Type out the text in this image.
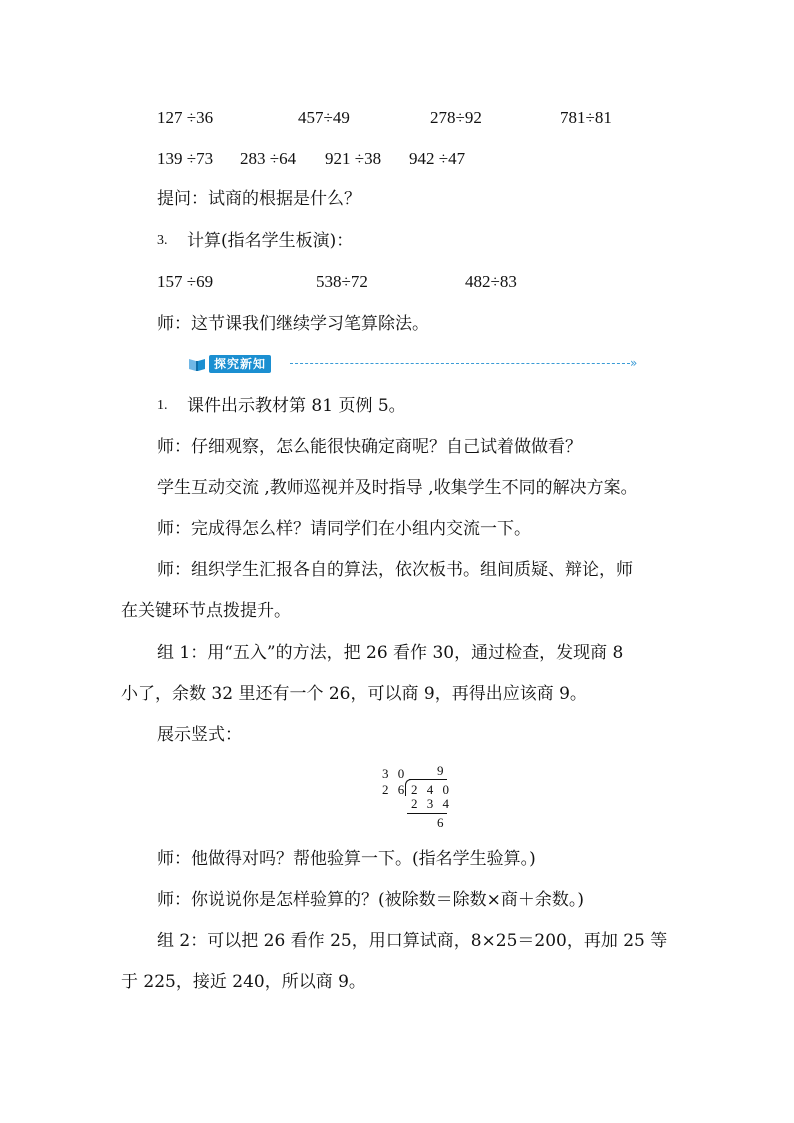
127 ÷36	457÷49	278÷92	781÷81
139 ÷73 283 ÷64 921 ÷38 942 ÷47
提问：试商的根据是什么？
3. 计算(指名学生板演)：
157 ÷69	538÷72	482÷83
师：这节课我们继续学习笔算除法。
探究新知	»
1. 课件出示教材第 81 页例 5。
师：仔细观察，怎么能很快确定商呢？自己试着做做看？
学生互动交流 ,教师巡视并及时指导 ,收集学生不同的解决方案。
师：完成得怎么样？请同学们在小组内交流一下。
师：组织学生汇报各自的算法，依次板书。组间质疑、辩论，师
在关键环节点拨提升。
组 1：用“五入”的方法，把 26 看作 30，通过检查，发现商 8
小了，余数 32 里还有一个 26，可以商 9，再得出应该商 9。
展示竖式：
3 0 9
2 6 2 4 0
2 3 4
6
师：他做得对吗？帮他验算一下。(指名学生验算。)
师：你说说你是怎样验算的？(被除数＝除数×商＋余数。)
组 2：可以把 26 看作 25，用口算试商，8×25＝200，再加 25 等
于 225，接近 240，所以商 9。
